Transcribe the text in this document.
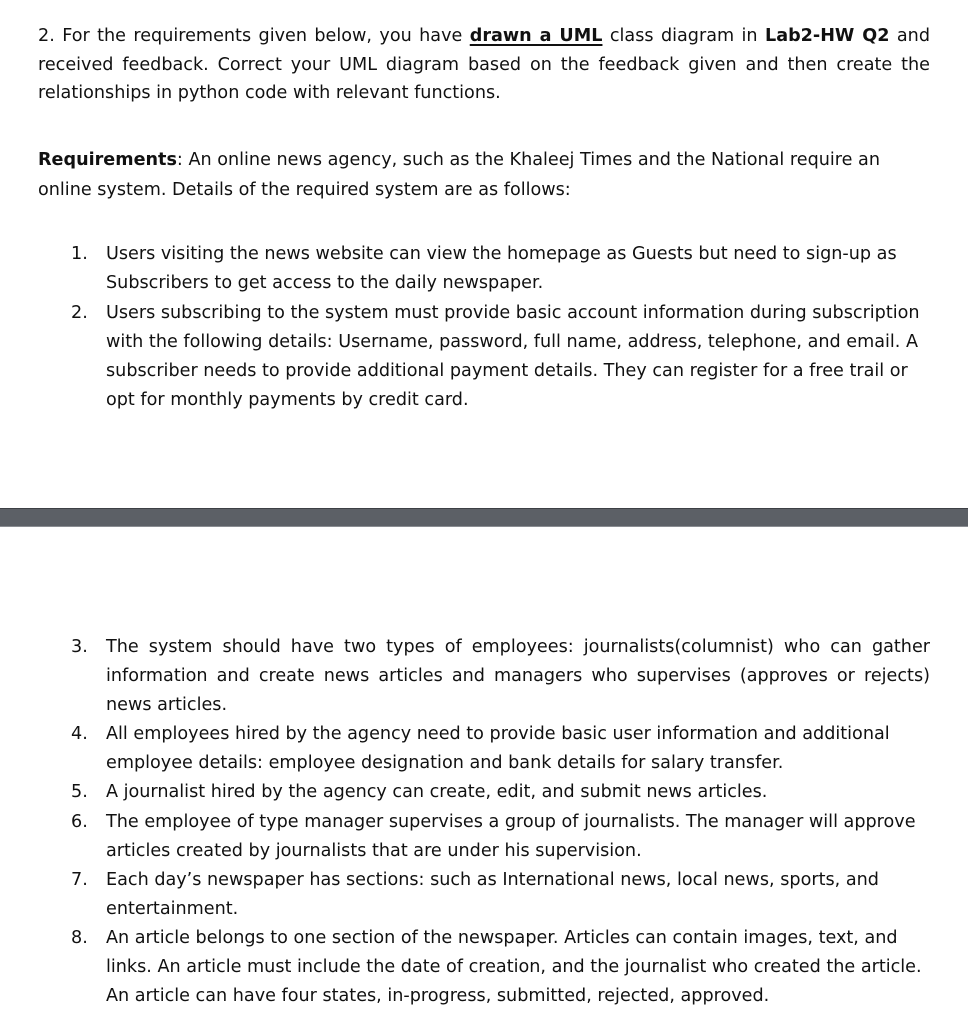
2. For the requirements given below, you have drawn a UML class diagram in Lab2-HW Q2 and received feedback. Correct your UML diagram based on the feedback given and then create the relationships in python code with relevant functions.

Requirements: An online news agency, such as the Khaleej Times and the National require an online system. Details of the required system are as follows:

1. Users visiting the news website can view the homepage as Guests but need to sign-up as Subscribers to get access to the daily newspaper.
2. Users subscribing to the system must provide basic account information during subscription with the following details: Username, password, full name, address, telephone, and email. A subscriber needs to provide additional payment details. They can register for a free trail or opt for monthly payments by credit card.
3. The system should have two types of employees: journalists(columnist) who can gather information and create news articles and managers who supervises (approves or rejects) news articles.
4. All employees hired by the agency need to provide basic user information and additional employee details: employee designation and bank details for salary transfer.
5. A journalist hired by the agency can create, edit, and submit news articles.
6. The employee of type manager supervises a group of journalists. The manager will approve articles created by journalists that are under his supervision.
7. Each day’s newspaper has sections: such as International news, local news, sports, and entertainment.
8. An article belongs to one section of the newspaper. Articles can contain images, text, and links. An article must include the date of creation, and the journalist who created the article. An article can have four states, in-progress, submitted, rejected, approved.
